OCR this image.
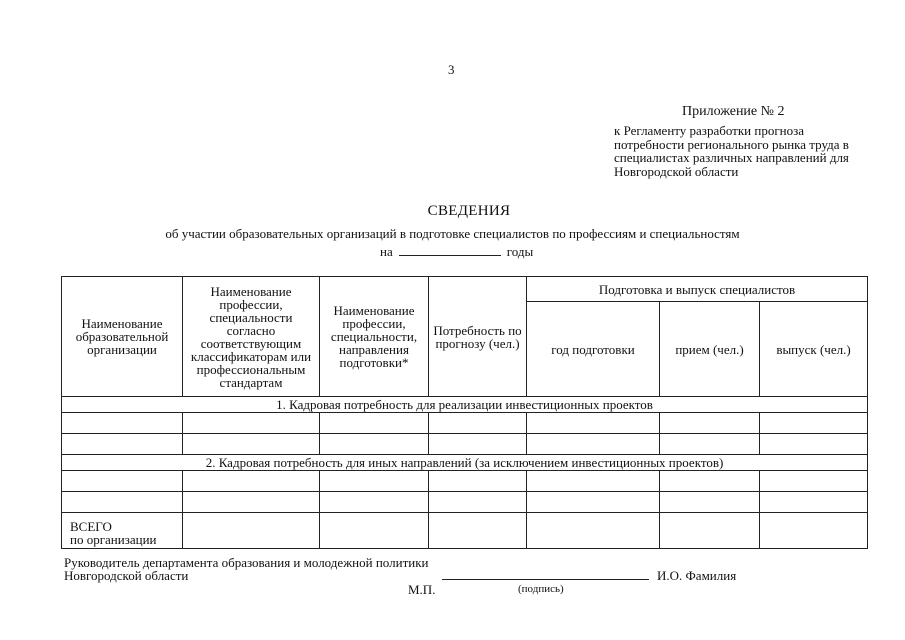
3
Приложение № 2
к Регламенту разработки прогноза потребности регионального рынка труда в специалистах различных направлений для Новгородской области
СВЕДЕНИЯ
об участии образовательных организаций в подготовке специалистов по профессиям и специальностям
на	годы
Наименование образовательной организации	Наименование профессии, специальности согласно соответствующим классификаторам или профессиональным стандартам	Наименование профессии, специальности, направления подготовки*	Потребность по прогнозу (чел.)	Подготовка и выпуск специалистов		
				год подготовки	прием (чел.)	выпуск (чел.)
1. Кадровая потребность для реализации инвестиционных проектов						

2. Кадровая потребность для иных направлений (за исключением инвестиционных проектов)						

ВСЕГО
по организации						

Руководитель департамента образования и молодежной политики Новгородской области
М.П.	(подпись)
И.О. Фамилия
